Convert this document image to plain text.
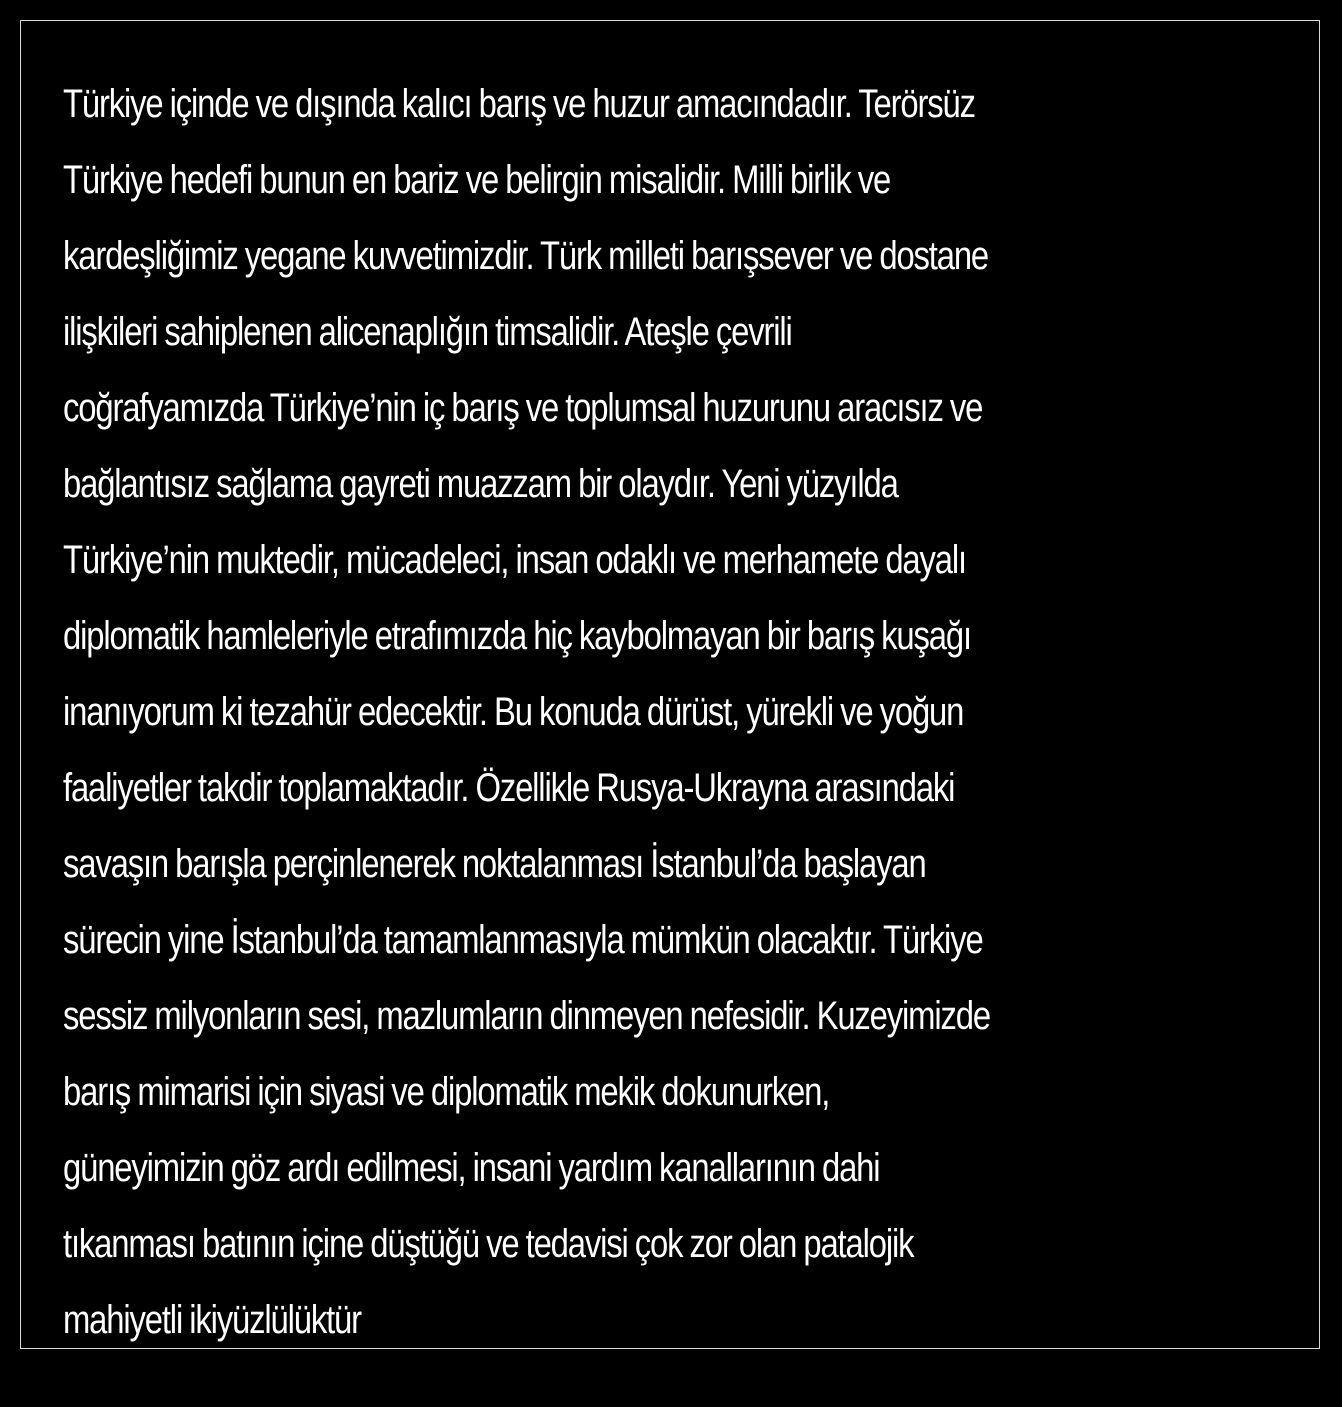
Türkiye içinde ve dışında kalıcı barış ve huzur amacındadır. Terörsüz
Türkiye hedefi bunun en bariz ve belirgin misalidir. Milli birlik ve
kardeşliğimiz yegane kuvvetimizdir. Türk milleti barışsever ve dostane
ilişkileri sahiplenen alicenaplığın timsalidir. Ateşle çevrili
coğrafyamızda Türkiye’nin iç barış ve toplumsal huzurunu aracısız ve
bağlantısız sağlama gayreti muazzam bir olaydır. Yeni yüzyılda
Türkiye’nin muktedir, mücadeleci, insan odaklı ve merhamete dayalı
diplomatik hamleleriyle etrafımızda hiç kaybolmayan bir barış kuşağı
inanıyorum ki tezahür edecektir. Bu konuda dürüst, yürekli ve yoğun
faaliyetler takdir toplamaktadır. Özellikle Rusya-Ukrayna arasındaki
savaşın barışla perçinlenerek noktalanması İstanbul’da başlayan
sürecin yine İstanbul’da tamamlanmasıyla mümkün olacaktır. Türkiye
sessiz milyonların sesi, mazlumların dinmeyen nefesidir. Kuzeyimizde
barış mimarisi için siyasi ve diplomatik mekik dokunurken,
güneyimizin göz ardı edilmesi, insani yardım kanallarının dahi
tıkanması batının içine düştüğü ve tedavisi çok zor olan patalojik
mahiyetli ikiyüzlülüktür
